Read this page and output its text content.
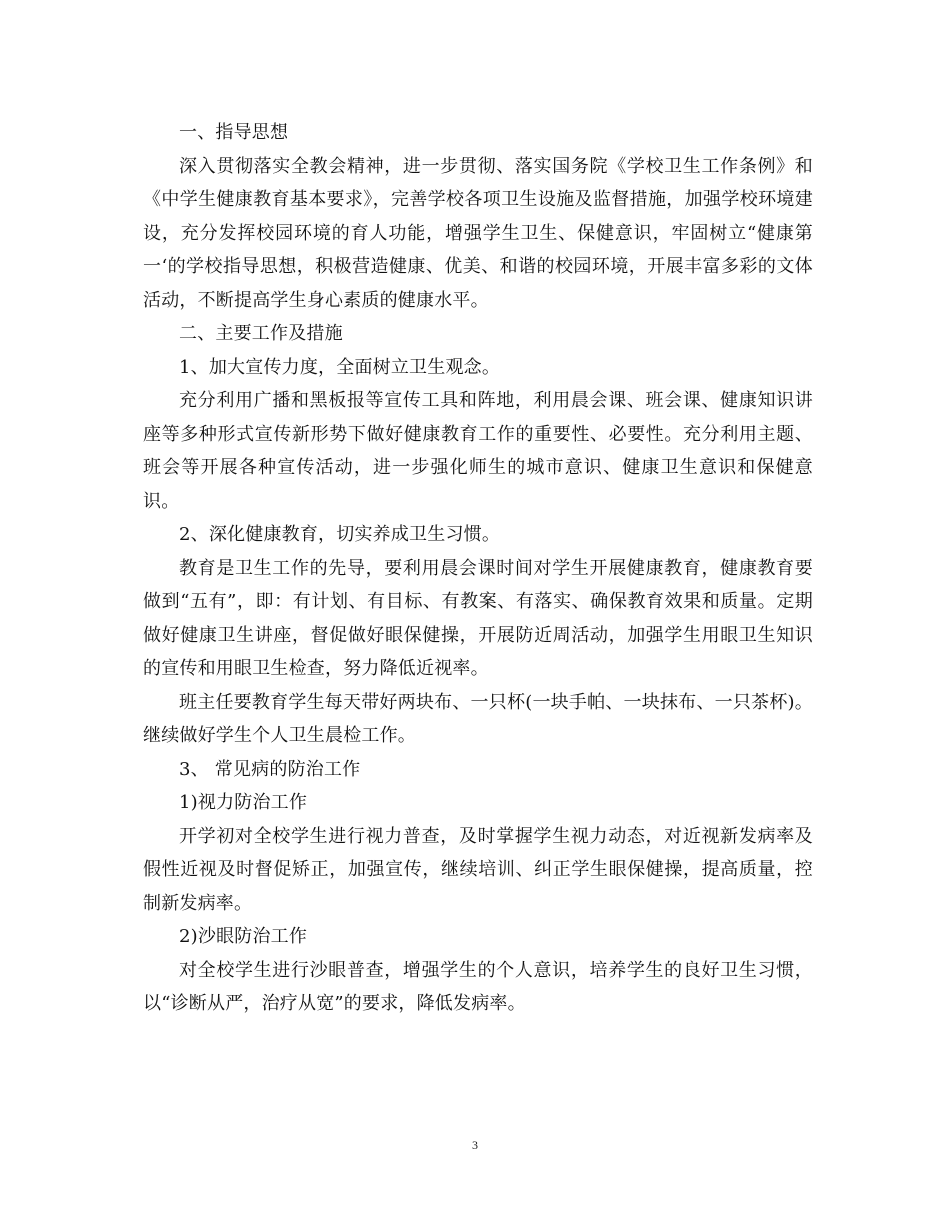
一、指导思想

深入贯彻落实全教会精神，进一步贯彻、落实国务院《学校卫生工作条例》和《中学生健康教育基本要求》，完善学校各项卫生设施及监督措施，加强学校环境建设，充分发挥校园环境的育人功能，增强学生卫生、保健意识，牢固树立“健康第一‘的学校指导思想，积极营造健康、优美、和谐的校园环境，开展丰富多彩的文体活动，不断提高学生身心素质的健康水平。

二、主要工作及措施

1、加大宣传力度，全面树立卫生观念。

充分利用广播和黑板报等宣传工具和阵地，利用晨会课、班会课、健康知识讲座等多种形式宣传新形势下做好健康教育工作的重要性、必要性。充分利用主题、班会等开展各种宣传活动，进一步强化师生的城市意识、健康卫生意识和保健意识。

2、深化健康教育，切实养成卫生习惯。

教育是卫生工作的先导，要利用晨会课时间对学生开展健康教育，健康教育要做到“五有”，即：有计划、有目标、有教案、有落实、确保教育效果和质量。定期做好健康卫生讲座，督促做好眼保健操，开展防近周活动，加强学生用眼卫生知识的宣传和用眼卫生检查，努力降低近视率。

班主任要教育学生每天带好两块布、一只杯(一块手帕、一块抹布、一只茶杯)。继续做好学生个人卫生晨检工作。

3、 常见病的防治工作

1)视力防治工作

开学初对全校学生进行视力普查，及时掌握学生视力动态，对近视新发病率及假性近视及时督促矫正，加强宣传，继续培训、纠正学生眼保健操，提高质量，控制新发病率。

2)沙眼防治工作

对全校学生进行沙眼普查，增强学生的个人意识，培养学生的良好卫生习惯，以“诊断从严，治疗从宽”的要求，降低发病率。

3
